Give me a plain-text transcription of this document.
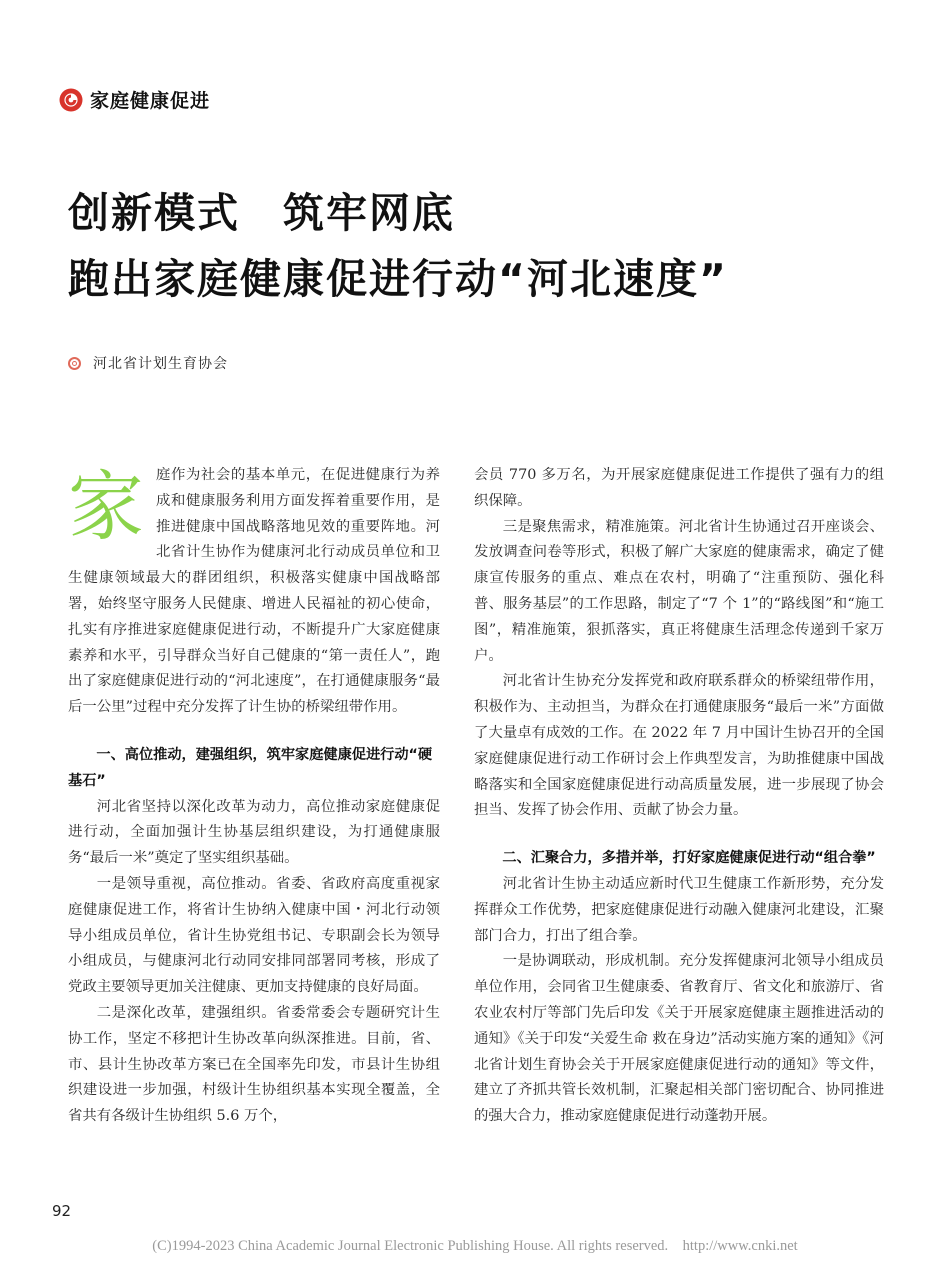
家庭健康促进
创新模式　筑牢网底
跑出家庭健康促进行动“河北速度”
河北省计划生育协会

家庭作为社会的基本单元，在促进健康行为养成和健康服务利用方面发挥着重要作用，是推进健康中国战略落地见效的重要阵地。河北省计生协作为健康河北行动成员单位和卫生健康领域最大的群团组织，积极落实健康中国战略部署，始终坚守服务人民健康、增进人民福祉的初心使命，扎实有序推进家庭健康促进行动，不断提升广大家庭健康素养和水平，引导群众当好自己健康的“第一责任人”，跑出了家庭健康促进行动的“河北速度”，在打通健康服务“最后一公里”过程中充分发挥了计生协的桥梁纽带作用。

一、高位推动，建强组织，筑牢家庭健康促进行动“硬基石”

河北省坚持以深化改革为动力，高位推动家庭健康促进行动，全面加强计生协基层组织建设，为打通健康服务“最后一米”奠定了坚实组织基础。

一是领导重视，高位推动。省委、省政府高度重视家庭健康促进工作，将省计生协纳入健康中国・河北行动领导小组成员单位，省计生协党组书记、专职副会长为领导小组成员，与健康河北行动同安排同部署同考核，形成了党政主要领导更加关注健康、更加支持健康的良好局面。

二是深化改革，建强组织。省委常委会专题研究计生协工作，坚定不移把计生协改革向纵深推进。目前，省、市、县计生协改革方案已在全国率先印发，市县计生协组织建设进一步加强，村级计生协组织基本实现全覆盖，全省共有各级计生协组织 5.6 万个，

会员 770 多万名，为开展家庭健康促进工作提供了强有力的组织保障。

三是聚焦需求，精准施策。河北省计生协通过召开座谈会、发放调查问卷等形式，积极了解广大家庭的健康需求，确定了健康宣传服务的重点、难点在农村，明确了“注重预防、强化科普、服务基层”的工作思路，制定了“7 个 1”的“路线图”和“施工图”，精准施策，狠抓落实，真正将健康生活理念传递到千家万户。

河北省计生协充分发挥党和政府联系群众的桥梁纽带作用，积极作为、主动担当，为群众在打通健康服务“最后一米”方面做了大量卓有成效的工作。在 2022 年 7 月中国计生协召开的全国家庭健康促进行动工作研讨会上作典型发言，为助推健康中国战略落实和全国家庭健康促进行动高质量发展，进一步展现了协会担当、发挥了协会作用、贡献了协会力量。

二、汇聚合力，多措并举，打好家庭健康促进行动“组合拳”

河北省计生协主动适应新时代卫生健康工作新形势，充分发挥群众工作优势，把家庭健康促进行动融入健康河北建设，汇聚部门合力，打出了组合拳。

一是协调联动，形成机制。充分发挥健康河北领导小组成员单位作用，会同省卫生健康委、省教育厅、省文化和旅游厅、省农业农村厅等部门先后印发《关于开展家庭健康主题推进活动的通知》《关于印发“关爱生命 救在身边”活动实施方案的通知》《河北省计划生育协会关于开展家庭健康促进行动的通知》等文件，建立了齐抓共管长效机制，汇聚起相关部门密切配合、协同推进的强大合力，推动家庭健康促进行动蓬勃开展。

92
(C)1994-2023 China Academic Journal Electronic Publishing House. All rights reserved.    http://www.cnki.net
